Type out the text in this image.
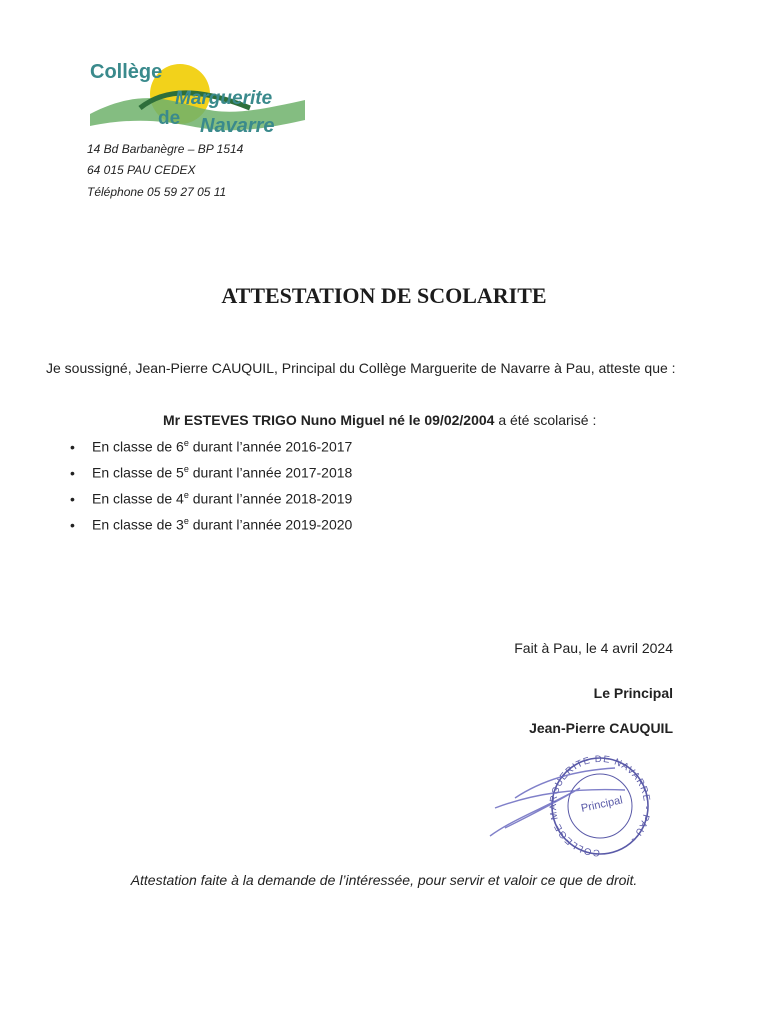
Collège
Marguerite
de Navarre
14 Bd Barbanègre – BP 1514
64 015 PAU CEDEX
Téléphone 05 59 27 05 11
ATTESTATION DE SCOLARITE
Je soussigné, Jean-Pierre CAUQUIL, Principal du Collège Marguerite de Navarre à Pau, atteste que :
Mr ESTEVES TRIGO Nuno Miguel né le 09/02/2004 a été scolarisé :
• En classe de 6e durant l’année 2016-2017
• En classe de 5e durant l’année 2017-2018
• En classe de 4e durant l’année 2018-2019
• En classe de 3e durant l’année 2019-2020
Fait à Pau, le 4 avril 2024
Le Principal
Jean-Pierre CAUQUIL
COLLEGE MARGUERITE DE NAVARRE - PAU -
Principal
Attestation faite à la demande de l’intéressée, pour servir et valoir ce que de droit.
